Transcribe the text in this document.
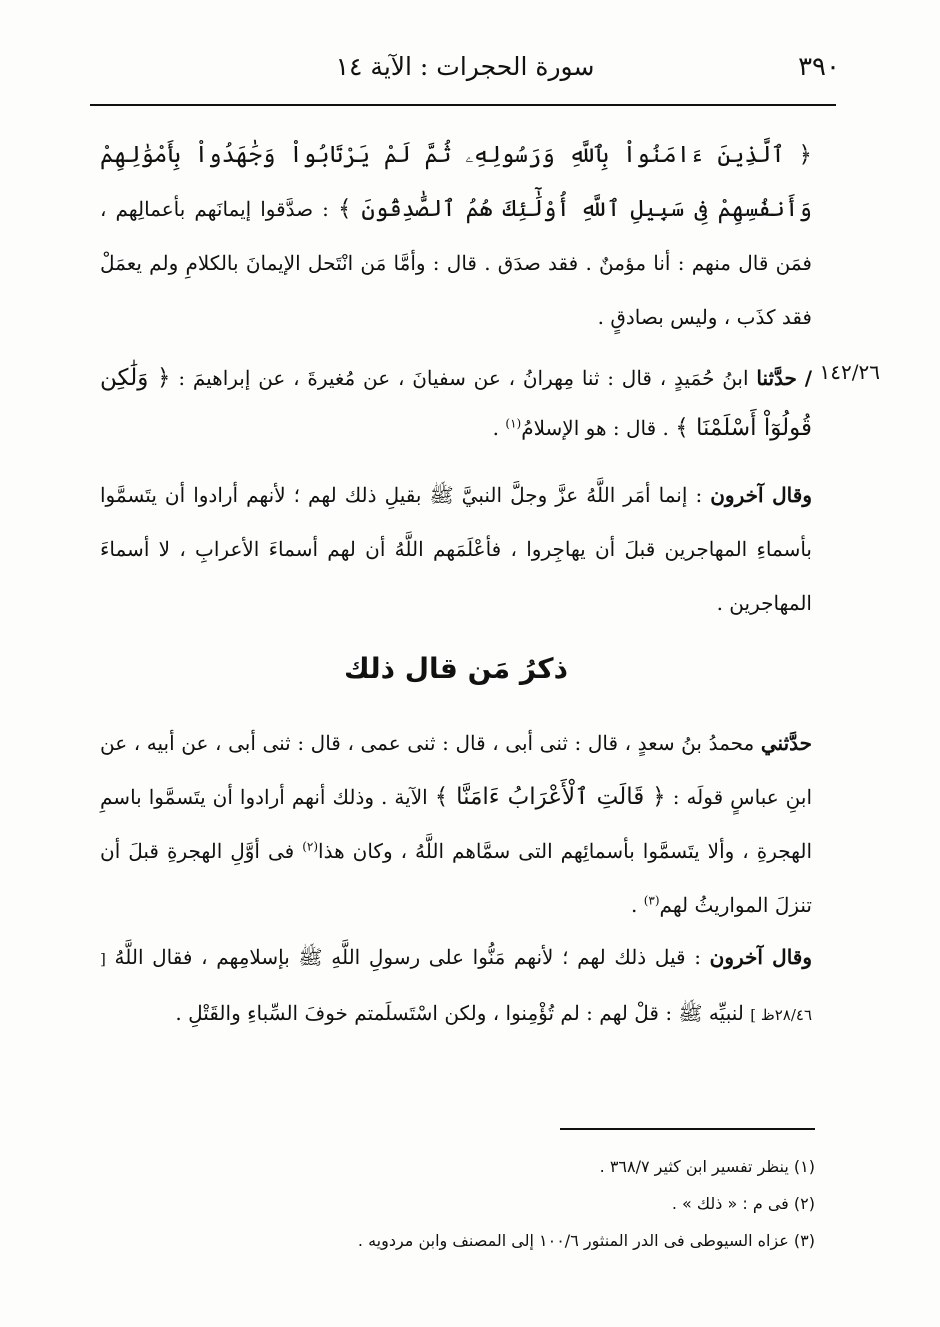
٣٩٠
سورة الحجرات : الآية ١٤
﴿ ٱلَّذِينَ ءَامَنُواْ بِٱللَّهِ وَرَسُولِهِۦ ثُمَّ لَمْ يَرْتَابُواْ وَجَٰهَدُواْ بِأَمْوَٰلِهِمْ وَأَنفُسِهِمْ فِى سَبِيلِ ٱللَّهِ أُوْلَٰٓئِكَ هُمُ ٱلصَّٰدِقُونَ ﴾ : صدَّقوا إيمانَهم بأعمالِهم ، فمَن قال منهم : أنا مؤمنٌ . فقد صدَق . قال : وأمَّا مَن انْتَحل الإيمانَ بالكلامِ ولم يعمَلْ فقد كذَب ، وليس بصادقٍ .
١٤٢/٢٦
/ حدَّثنا ابنُ حُمَيدٍ ، قال : ثنا مِهرانُ ، عن سفيانَ ، عن مُغيرةَ ، عن إبراهيمَ : ﴿ وَلَٰكِن قُولُوٓاْ أَسْلَمْنَا ﴾ . قال : هو الإسلامُ$^{(١)}$ .
وقال آخرون : إنما أمَر اللَّهُ عزَّ وجلَّ النبيَّ ﷺ بقيلِ ذلك لهم ؛ لأنهم أرادوا أن يتَسمَّوا بأسماءِ المهاجرين قبلَ أن يهاجِروا ، فأعْلَمَهم اللَّهُ أن لهم أسماءَ الأعرابِ ، لا أسماءَ المهاجرين .
ذكرُ مَن قال ذلك
حدَّثني محمدُ بنُ سعدٍ ، قال : ثنى أبى ، قال : ثنى عمى ، قال : ثنى أبى ، عن أبيه ، عن ابنِ عباسٍ قولَه : ﴿ قَالَتِ ٱلْأَعْرَابُ ءَامَنَّا ﴾ الآية . وذلك أنهم أرادوا أن يتَسمَّوا باسمِ الهجرةِ ، وألا يتَسمَّوا بأسمائِهم التى سمَّاهم اللَّهُ ، وكان هذا$^{(٢)}$ فى أوَّلِ الهجرةِ قبلَ أن تنزلَ المواريثُ لهم$^{(٣)}$ .
وقال آخرون : قيل ذلك لهم ؛ لأنهم مَنُّوا على رسولِ اللَّهِ ﷺ بإسلامِهم ، فقال اللَّهُ [ ٢٨/٤٦ظ ] لنبيِّه ﷺ : قلْ لهم : لم تُؤْمِنوا ، ولكن اسْتَسلَمتم خوفَ السِّباءِ والقَتْلِ .
(١) ينظر تفسير ابن كثير ٣٦٨/٧ .
(٢) فى م : « ذلك » .
(٣) عزاه السيوطى فى الدر المنثور ١٠٠/٦ إلى المصنف وابن مردويه .
